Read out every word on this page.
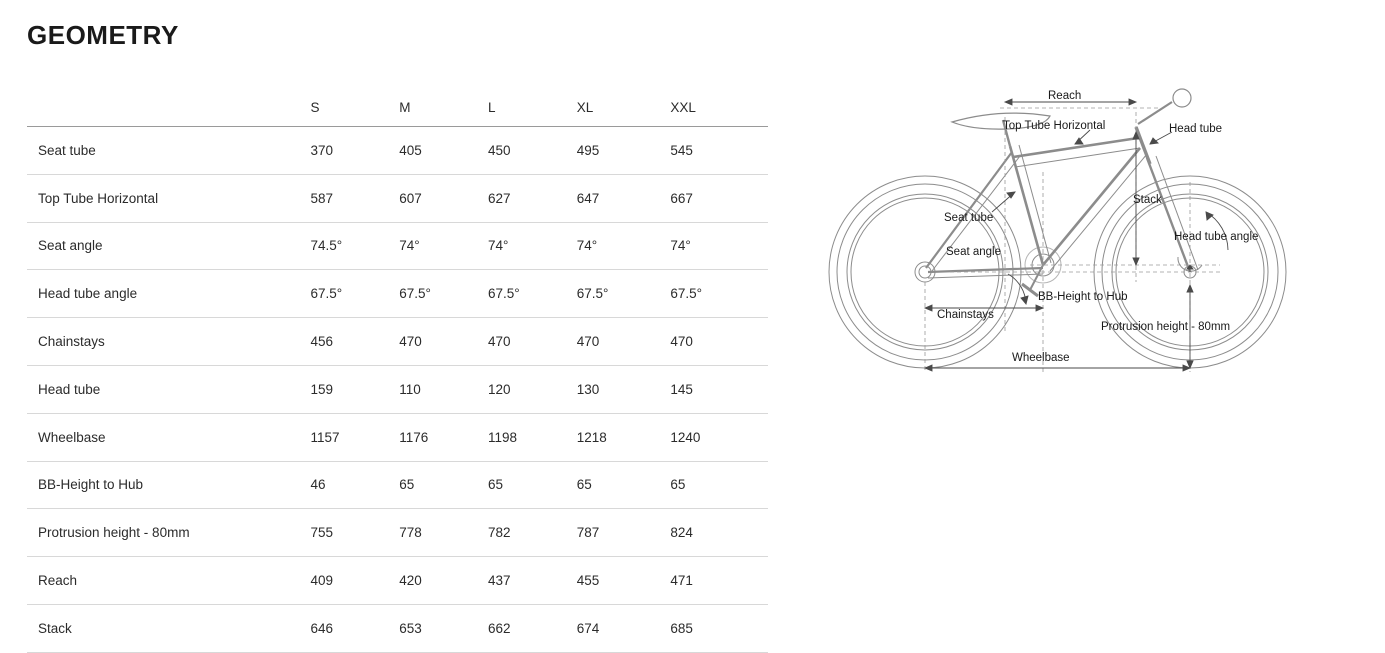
GEOMETRY
	S	M	L	XL	XXL
Seat tube	370	405	450	495	545
Top Tube Horizontal	587	607	627	647	667
Seat angle	74.5°	74°	74°	74°	74°
Head tube angle	67.5°	67.5°	67.5°	67.5°	67.5°
Chainstays	456	470	470	470	470
Head tube	159	110	120	130	145
Wheelbase	1157	1176	1198	1218	1240
BB-Height to Hub	46	65	65	65	65
Protrusion height - 80mm	755	778	782	787	824
Reach	409	420	437	455	471
Stack	646	653	662	674	685
Reach
Top Tube Horizontal	Head tube
Stack
Seat tube
Head tube angle
Seat angle
BB-Height to Hub
Chainstays
Protrusion height - 80mm
Wheelbase
